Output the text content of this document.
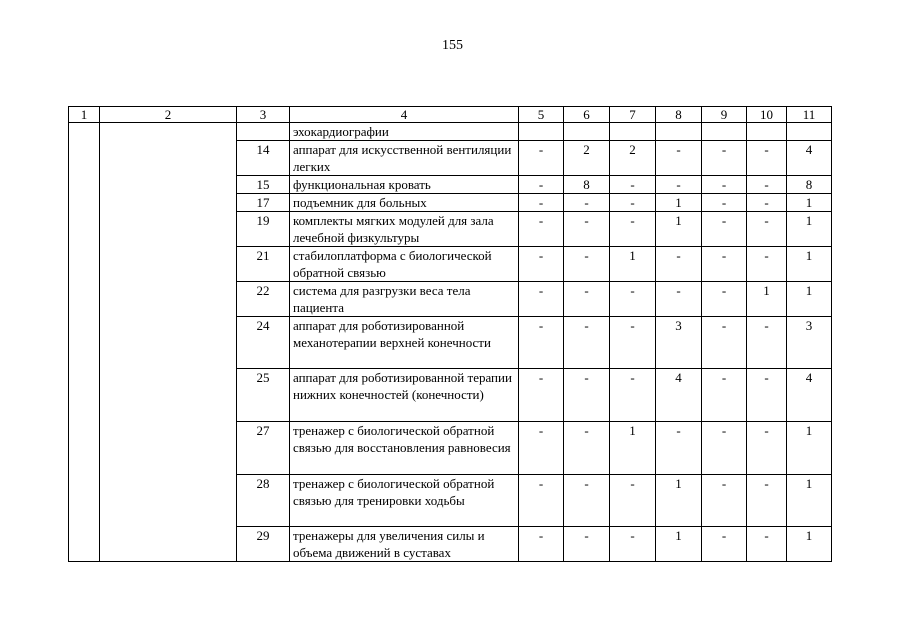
155
1	2	3	4	5	6	7	8	9	10	11
			эхокардиографии							
		14	аппарат для искусственной вентиляции легких	-	2	2	-	-	-	4
		15	функциональная кровать	-	8	-	-	-	-	8
		17	подъемник для больных	-	-	-	1	-	-	1
		19	комплекты мягких модулей для зала лечебной физкультуры	-	-	-	1	-	-	1
		21	стабилоплатформа с биологической обратной связью	-	-	1	-	-	-	1
		22	система для разгрузки веса тела пациента	-	-	-	-	-	1	1
		24	аппарат для роботизированной механотерапии верхней конечности	-	-	-	3	-	-	3
		25	аппарат для роботизированной терапии нижних конечностей (конечности)	-	-	-	4	-	-	4
		27	тренажер с биологической обратной связью для восстановления равновесия	-	-	1	-	-	-	1
		28	тренажер с биологической обратной связью для тренировки ходьбы	-	-	-	1	-	-	1
		29	тренажеры для увеличения силы и объема движений в суставах	-	-	-	1	-	-	1
